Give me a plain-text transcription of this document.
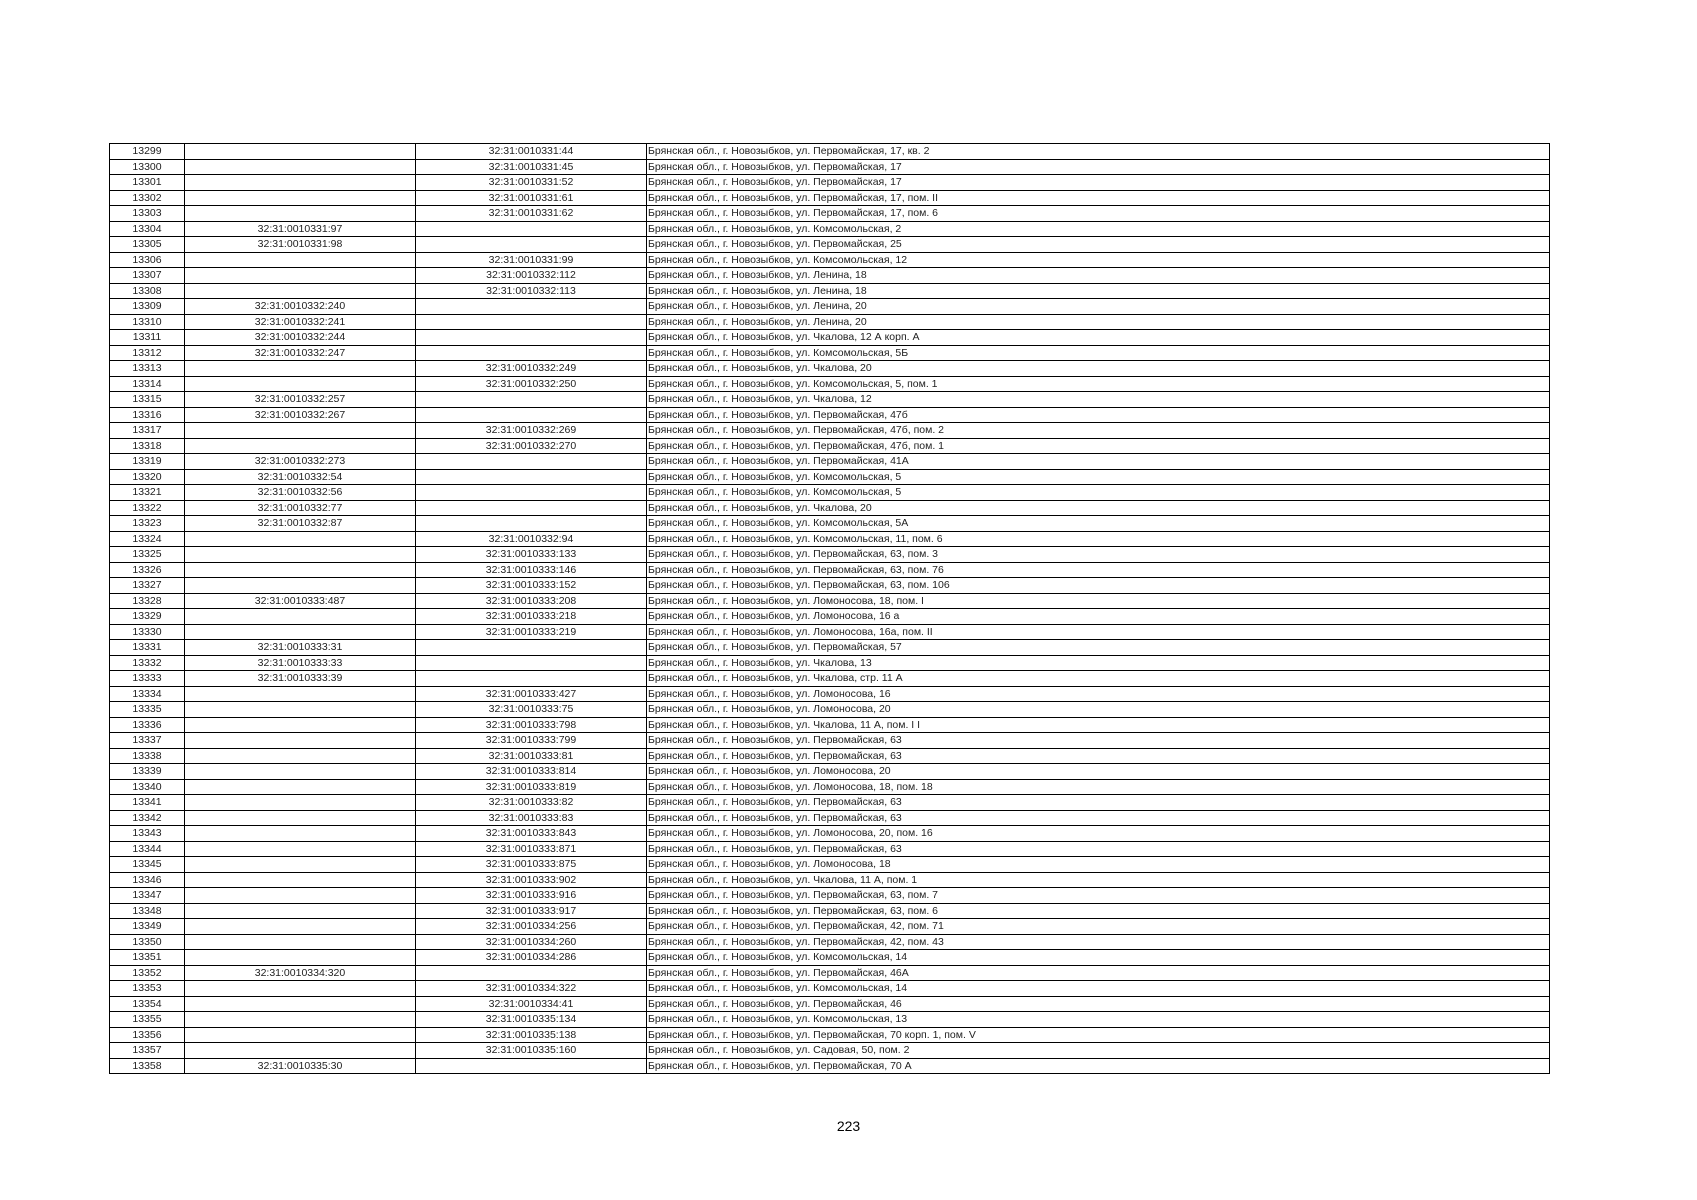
13299		32:31:0010331:44	Брянская обл., г. Новозыбков, ул. Первомайская, 17, кв. 2
13300		32:31:0010331:45	Брянская обл., г. Новозыбков, ул. Первомайская, 17
13301		32:31:0010331:52	Брянская обл., г. Новозыбков, ул. Первомайская, 17
13302		32:31:0010331:61	Брянская обл., г. Новозыбков, ул. Первомайская, 17, пом. II
13303		32:31:0010331:62	Брянская обл., г. Новозыбков, ул. Первомайская, 17, пом. 6
13304	32:31:0010331:97		Брянская обл., г. Новозыбков, ул. Комсомольская, 2
13305	32:31:0010331:98		Брянская обл., г. Новозыбков, ул. Первомайская, 25
13306		32:31:0010331:99	Брянская обл., г. Новозыбков, ул. Комсомольская, 12
13307		32:31:0010332:112	Брянская обл., г. Новозыбков, ул. Ленина, 18
13308		32:31:0010332:113	Брянская обл., г. Новозыбков, ул. Ленина, 18
13309	32:31:0010332:240		Брянская обл., г. Новозыбков, ул. Ленина, 20
13310	32:31:0010332:241		Брянская обл., г. Новозыбков, ул. Ленина, 20
13311	32:31:0010332:244		Брянская обл., г. Новозыбков, ул. Чкалова, 12 А корп. А
13312	32:31:0010332:247		Брянская обл., г. Новозыбков, ул. Комсомольская, 5Б
13313		32:31:0010332:249	Брянская обл., г. Новозыбков, ул. Чкалова, 20
13314		32:31:0010332:250	Брянская обл., г. Новозыбков, ул. Комсомольская, 5, пом. 1
13315	32:31:0010332:257		Брянская обл., г. Новозыбков, ул. Чкалова, 12
13316	32:31:0010332:267		Брянская обл., г. Новозыбков, ул. Первомайская, 47б
13317		32:31:0010332:269	Брянская обл., г. Новозыбков, ул. Первомайская, 47б, пом. 2
13318		32:31:0010332:270	Брянская обл., г. Новозыбков, ул. Первомайская, 47б, пом. 1
13319	32:31:0010332:273		Брянская обл., г. Новозыбков, ул. Первомайская, 41А
13320	32:31:0010332:54		Брянская обл., г. Новозыбков, ул. Комсомольская, 5
13321	32:31:0010332:56		Брянская обл., г. Новозыбков, ул. Комсомольская, 5
13322	32:31:0010332:77		Брянская обл., г. Новозыбков, ул. Чкалова, 20
13323	32:31:0010332:87		Брянская обл., г. Новозыбков, ул. Комсомольская, 5А
13324		32:31:0010332:94	Брянская обл., г. Новозыбков, ул. Комсомольская, 11, пом. 6
13325		32:31:0010333:133	Брянская обл., г. Новозыбков, ул. Первомайская, 63, пом. 3
13326		32:31:0010333:146	Брянская обл., г. Новозыбков, ул. Первомайская, 63, пом. 76
13327		32:31:0010333:152	Брянская обл., г. Новозыбков, ул. Первомайская, 63, пом. 106
13328	32:31:0010333:487	32:31:0010333:208	Брянская обл., г. Новозыбков, ул. Ломоносова, 18, пом. I
13329		32:31:0010333:218	Брянская обл., г. Новозыбков, ул. Ломоносова, 16 а
13330		32:31:0010333:219	Брянская обл., г. Новозыбков, ул. Ломоносова, 16а, пом. II
13331	32:31:0010333:31		Брянская обл., г. Новозыбков, ул. Первомайская, 57
13332	32:31:0010333:33		Брянская обл., г. Новозыбков, ул. Чкалова, 13
13333	32:31:0010333:39		Брянская обл., г. Новозыбков, ул. Чкалова, стр. 11 А
13334		32:31:0010333:427	Брянская обл., г. Новозыбков, ул. Ломоносова, 16
13335		32:31:0010333:75	Брянская обл., г. Новозыбков, ул. Ломоносова, 20
13336		32:31:0010333:798	Брянская обл., г. Новозыбков, ул. Чкалова, 11 А, пом. I I
13337		32:31:0010333:799	Брянская обл., г. Новозыбков, ул. Первомайская, 63
13338		32:31:0010333:81	Брянская обл., г. Новозыбков, ул. Первомайская, 63
13339		32:31:0010333:814	Брянская обл., г. Новозыбков, ул. Ломоносова, 20
13340		32:31:0010333:819	Брянская обл., г. Новозыбков, ул. Ломоносова, 18, пом. 18
13341		32:31:0010333:82	Брянская обл., г. Новозыбков, ул. Первомайская, 63
13342		32:31:0010333:83	Брянская обл., г. Новозыбков, ул. Первомайская, 63
13343		32:31:0010333:843	Брянская обл., г. Новозыбков, ул. Ломоносова, 20, пом. 16
13344		32:31:0010333:871	Брянская обл., г. Новозыбков, ул. Первомайская, 63
13345		32:31:0010333:875	Брянская обл., г. Новозыбков, ул. Ломоносова, 18
13346		32:31:0010333:902	Брянская обл., г. Новозыбков, ул. Чкалова, 11 А, пом. 1
13347		32:31:0010333:916	Брянская обл., г. Новозыбков, ул. Первомайская, 63, пом. 7
13348		32:31:0010333:917	Брянская обл., г. Новозыбков, ул. Первомайская, 63, пом. 6
13349		32:31:0010334:256	Брянская обл., г. Новозыбков, ул. Первомайская, 42, пом. 71
13350		32:31:0010334:260	Брянская обл., г. Новозыбков, ул. Первомайская, 42, пом. 43
13351		32:31:0010334:286	Брянская обл., г. Новозыбков, ул. Комсомольская, 14
13352	32:31:0010334:320		Брянская обл., г. Новозыбков, ул. Первомайская, 46А
13353		32:31:0010334:322	Брянская обл., г. Новозыбков, ул. Комсомольская, 14
13354		32:31:0010334:41	Брянская обл., г. Новозыбков, ул. Первомайская, 46
13355		32:31:0010335:134	Брянская обл., г. Новозыбков, ул. Комсомольская, 13
13356		32:31:0010335:138	Брянская обл., г. Новозыбков, ул. Первомайская, 70 корп. 1, пом. V
13357		32:31:0010335:160	Брянская обл., г. Новозыбков, ул. Садовая, 50, пом. 2
13358	32:31:0010335:30		Брянская обл., г. Новозыбков, ул. Первомайская, 70 А
223
